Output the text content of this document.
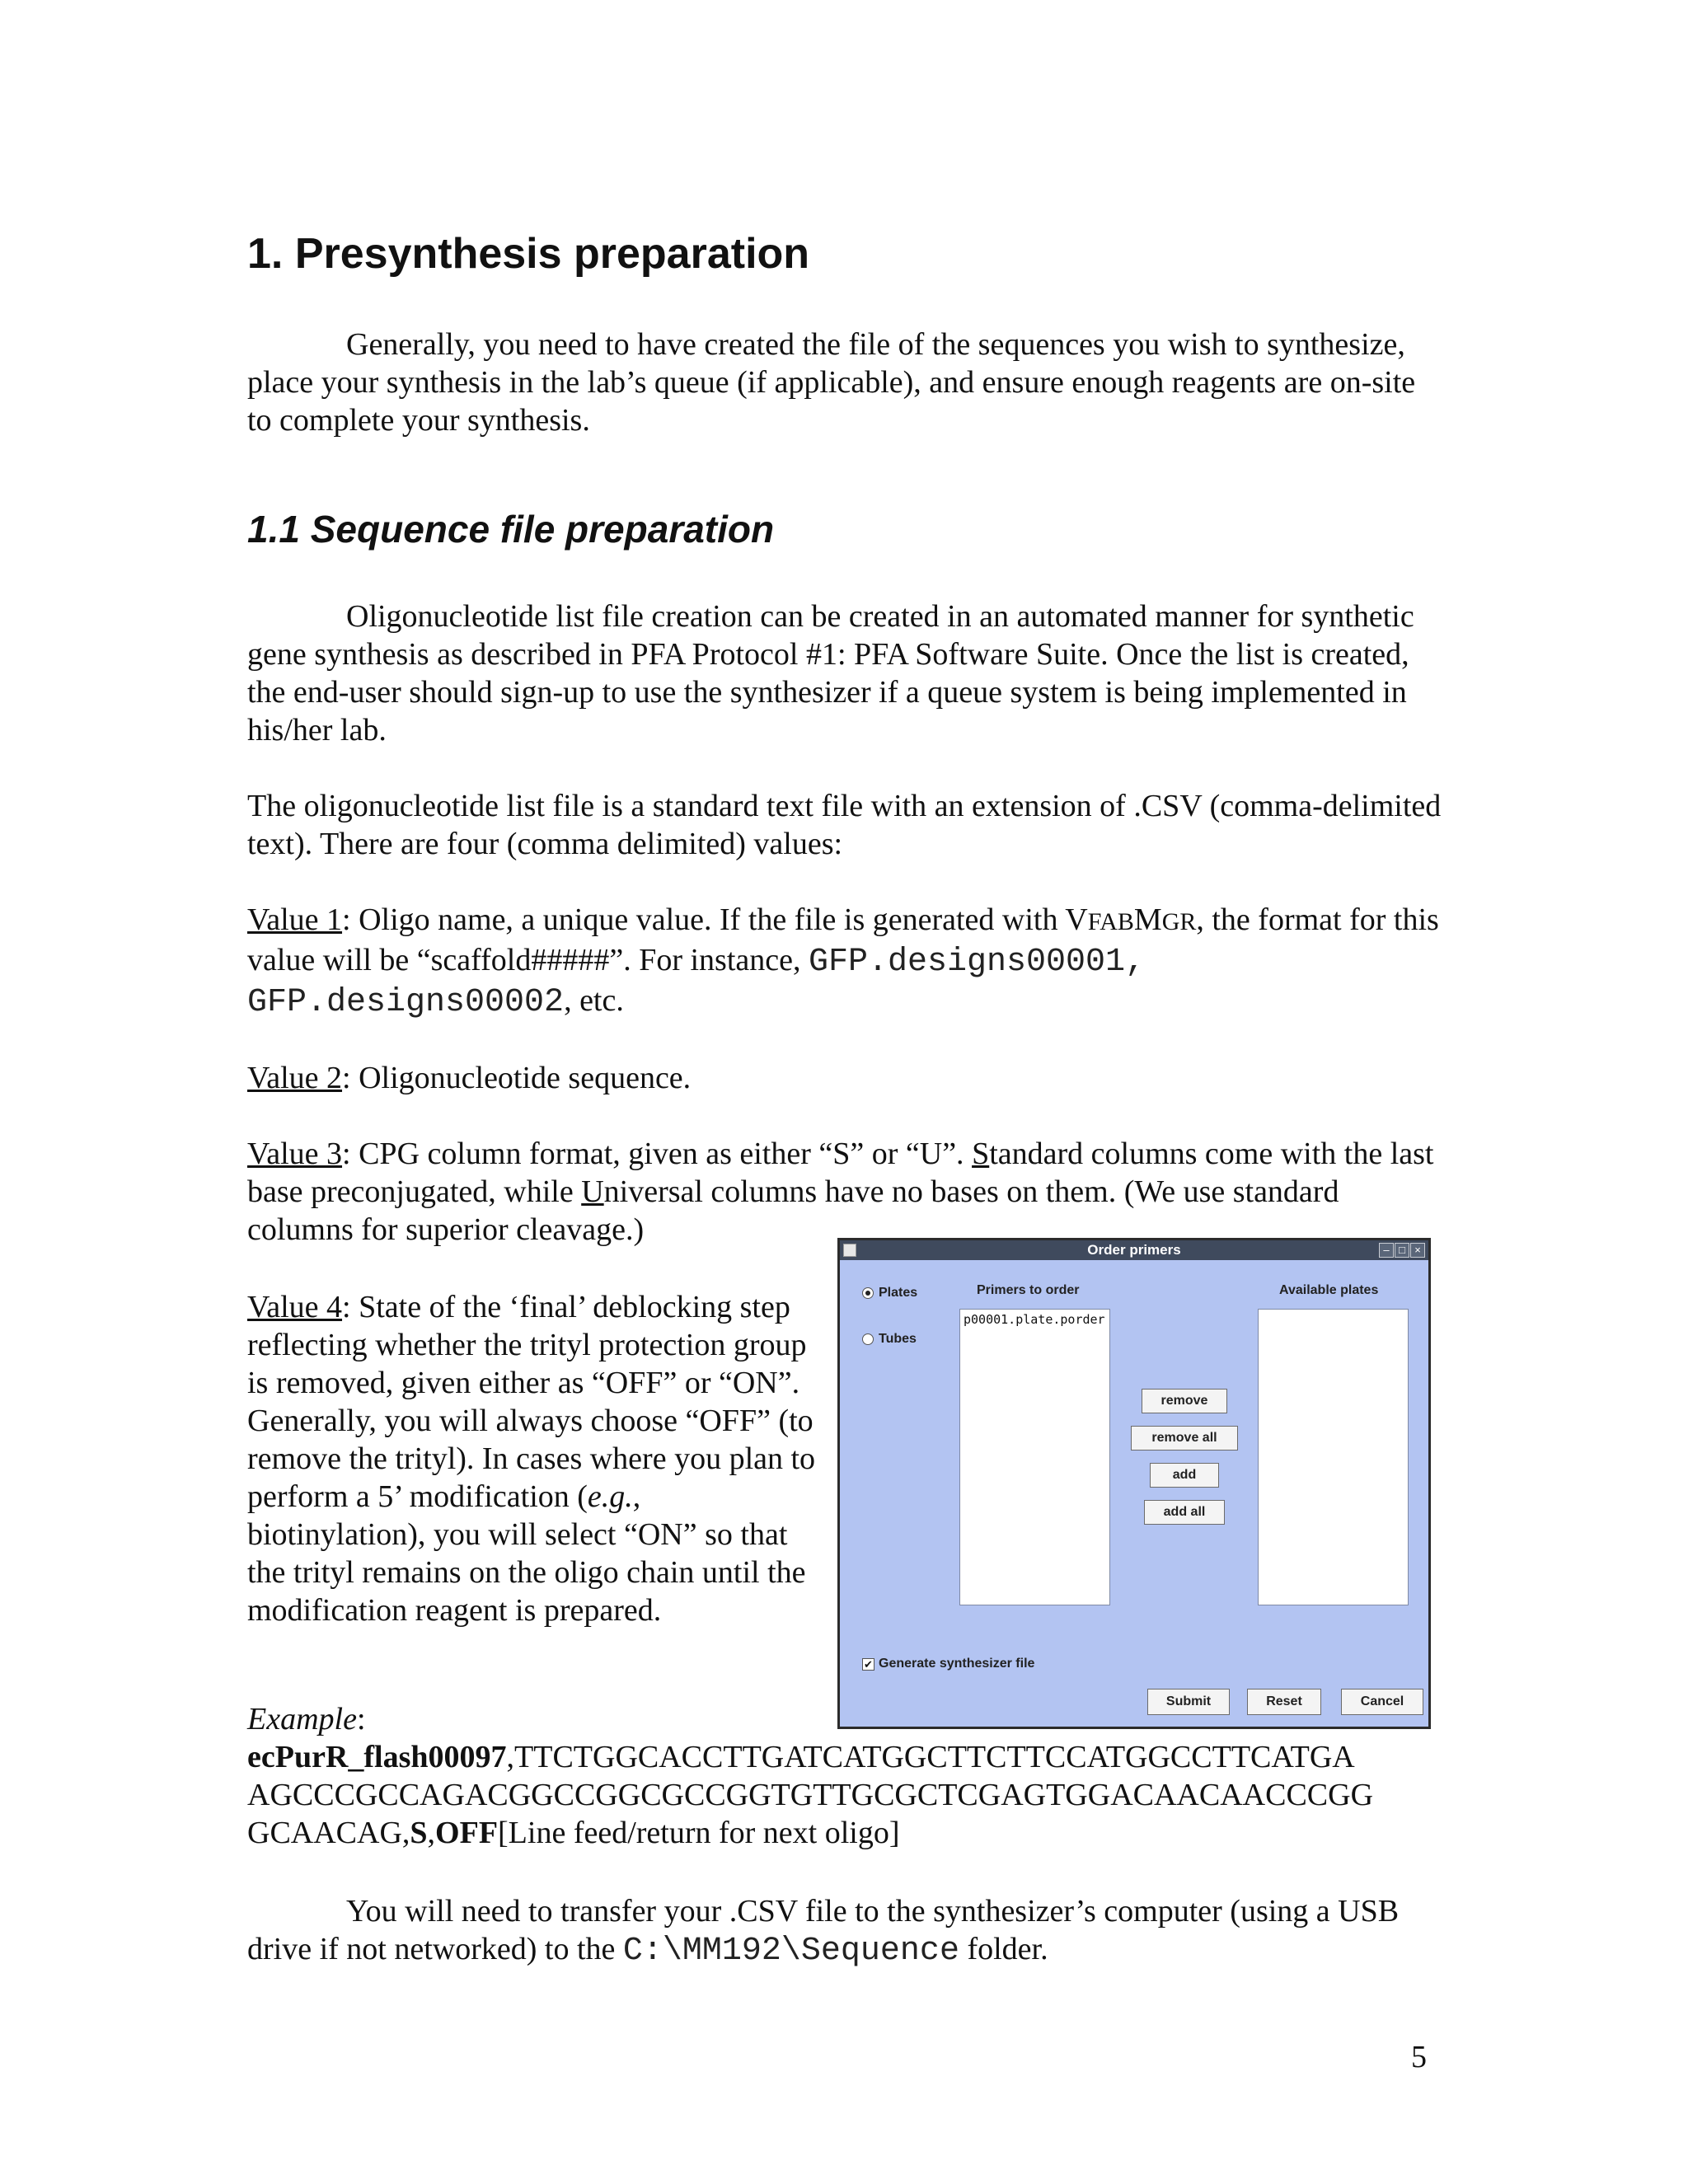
1. Presynthesis preparation

Generally, you need to have created the file of the sequences you wish to synthesize, place your synthesis in the lab’s queue (if applicable), and ensure enough reagents are on-site to complete your synthesis.

1.1 Sequence file preparation

Oligonucleotide list file creation can be created in an automated manner for synthetic gene synthesis as described in PFA Protocol #1: PFA Software Suite. Once the list is created, the end-user should sign-up to use the synthesizer if a queue system is being implemented in his/her lab.

The oligonucleotide list file is a standard text file with an extension of .CSV (comma-delimited text). There are four (comma delimited) values:

Value 1: Oligo name, a unique value. If the file is generated with VFABMGR, the format for this value will be “scaffold#####”. For instance, GFP.designs00001, GFP.designs00002, etc.

Value 2: Oligonucleotide sequence.

Value 3: CPG column format, given as either “S” or “U”. Standard columns come with the last base preconjugated, while Universal columns have no bases on them. (We use standard columns for superior cleavage.)

Value 4: State of the ‘final’ deblocking step reflecting whether the trityl protection group is removed, given either as “OFF” or “ON”. Generally, you will always choose “OFF” (to remove the trityl). In cases where you plan to perform a 5’ modification (e.g., biotinylation), you will select “ON” so that the trityl remains on the oligo chain until the modification reagent is prepared.

Example:

ecPurR_flash00097,TTCTGGCACCTTGATCATGGCTTCTTCCATGGCCTTCATGA
AGCCCGCCAGACGGCCGGCGCCGGTGTTGCGCTCGAGTGGACAACAACCCGG
GCAACAG,S,OFF[Line feed/return for next oligo]

You will need to transfer your .CSV file to the synthesizer’s computer (using a USB drive if not networked) to the C:\MM192\Sequence folder.

Order primers	– □ ×
Plates
Tubes
Primers to order
p00001.plate.porder
Available plates
remove
remove all
add
add all
✔ Generate synthesizer file
Submit	Reset	Cancel
5
